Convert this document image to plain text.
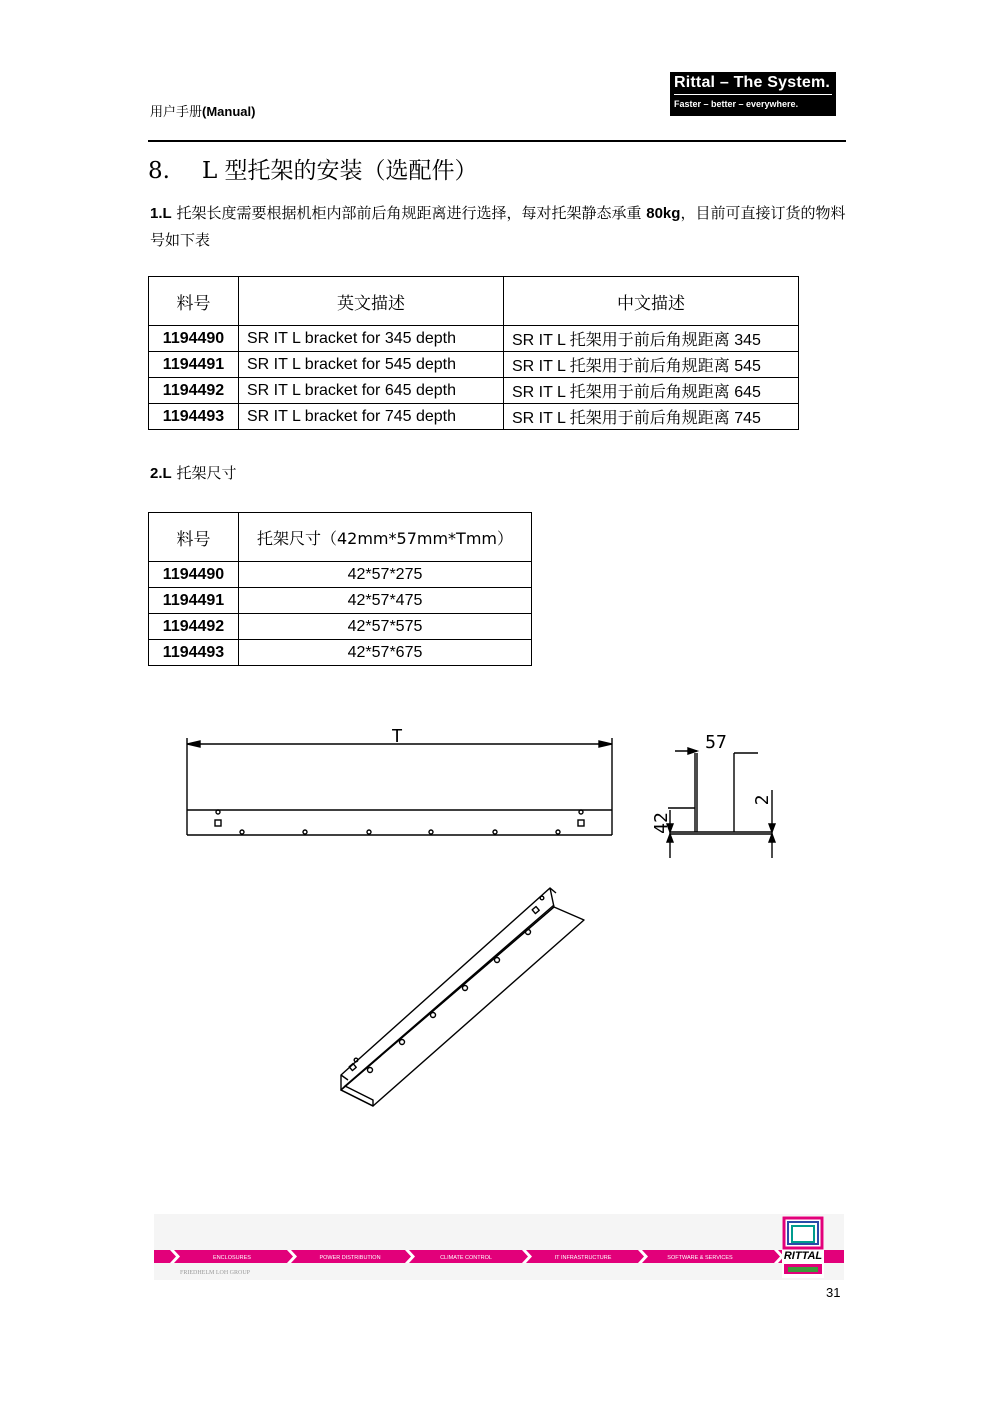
用户手册(Manual)
Rittal – The System.
Faster – better – everywhere.
8. L 型托架的安装（选配件）
1.L 托架长度需要根据机柜内部前后角规距离进行选择，每对托架静态承重 80kg，目前可直接订货的物料号如下表
料号	英文描述	中文描述
1194490	SR IT L bracket for 345 depth	SR IT L 托架用于前后角规距离 345
1194491	SR IT L bracket for 545 depth	SR IT L 托架用于前后角规距离 545
1194492	SR IT L bracket for 645 depth	SR IT L 托架用于前后角规距离 645
1194493	SR IT L bracket for 745 depth	SR IT L 托架用于前后角规距离 745
2.L 托架尺寸
料号	托架尺寸（42mm*57mm*Tmm）
1194490	42*57*275
1194491	42*57*475
1194492	42*57*575
1194493	42*57*675
T	57
42
2
ENCLOSURES	POWER DISTRIBUTION	CLIMATE CONTROL	IT INFRASTRUCTURE	SOFTWARE & SERVICES
FRIEDHELM LOH GROUP
RITTAL
31
